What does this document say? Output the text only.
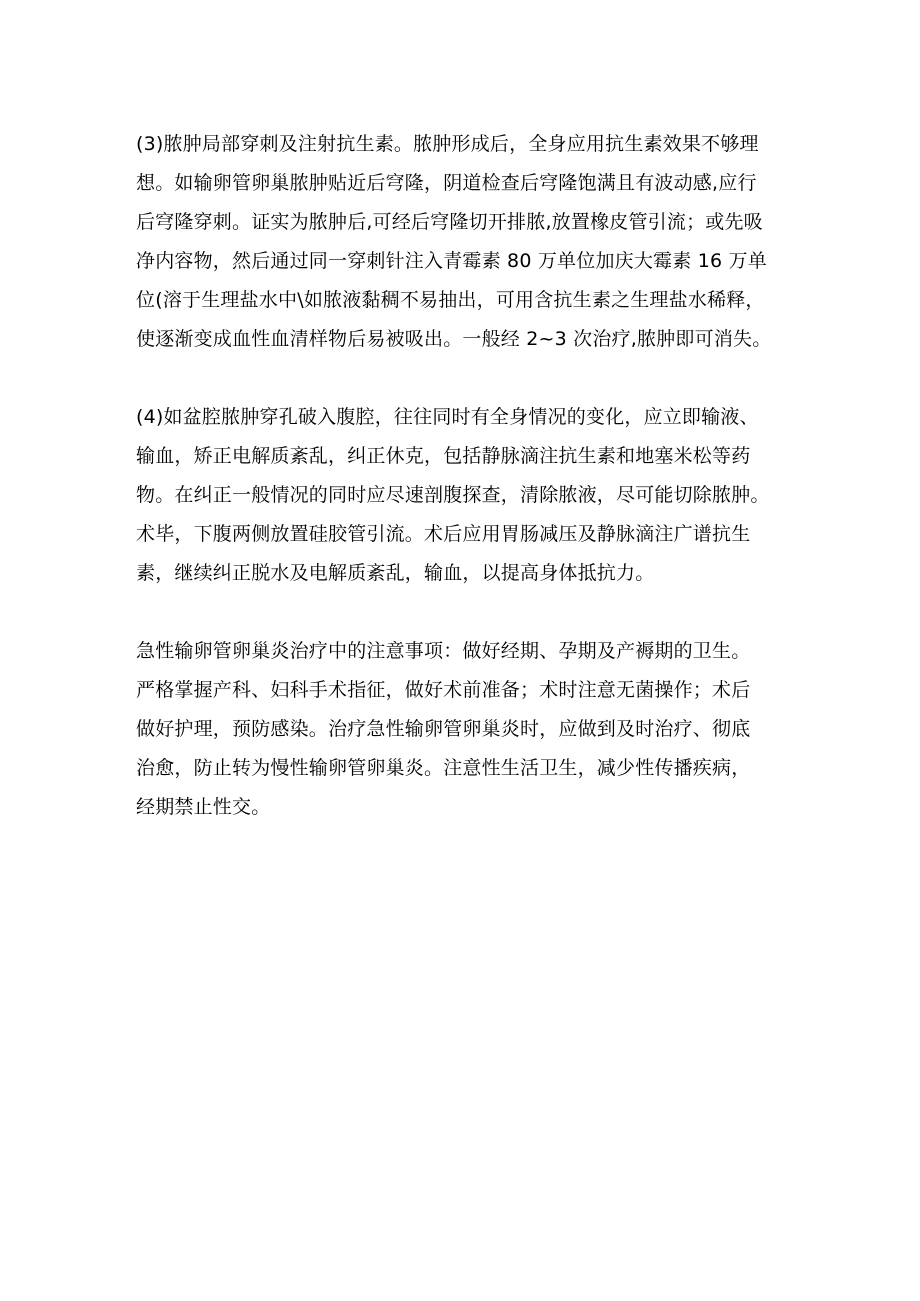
(3)脓肿局部穿刺及注射抗生素。脓肿形成后，全身应用抗生素效果不够理
想。如输卵管卵巢脓肿贴近后穹隆，阴道检查后穹隆饱满且有波动感,应行
后穹隆穿刺。证实为脓肿后,可经后穹隆切开排脓,放置橡皮管引流；或先吸
净内容物，然后通过同一穿刺针注入青霉素 80 万单位加庆大霉素 16 万单
位(溶于生理盐水中\如脓液黏稠不易抽出，可用含抗生素之生理盐水稀释，
使逐渐变成血性血清样物后易被吸出。一般经 2~3 次治疗,脓肿即可消失。
(4)如盆腔脓肿穿孔破入腹腔，往往同时有全身情况的变化，应立即输液、
输血，矫正电解质紊乱，纠正休克，包括静脉滴注抗生素和地塞米松等药
物。在纠正一般情况的同时应尽速剖腹探查，清除脓液，尽可能切除脓肿。
术毕，下腹两侧放置硅胶管引流。术后应用胃肠减压及静脉滴注广谱抗生
素，继续纠正脱水及电解质紊乱，输血，以提高身体抵抗力。
急性输卵管卵巢炎治疗中的注意事项：做好经期、孕期及产褥期的卫生。
严格掌握产科、妇科手术指征，做好术前准备；术时注意无菌操作；术后
做好护理，预防感染。治疗急性输卵管卵巢炎时，应做到及时治疗、彻底
治愈，防止转为慢性输卵管卵巢炎。注意性生活卫生，减少性传播疾病，
经期禁止性交。
